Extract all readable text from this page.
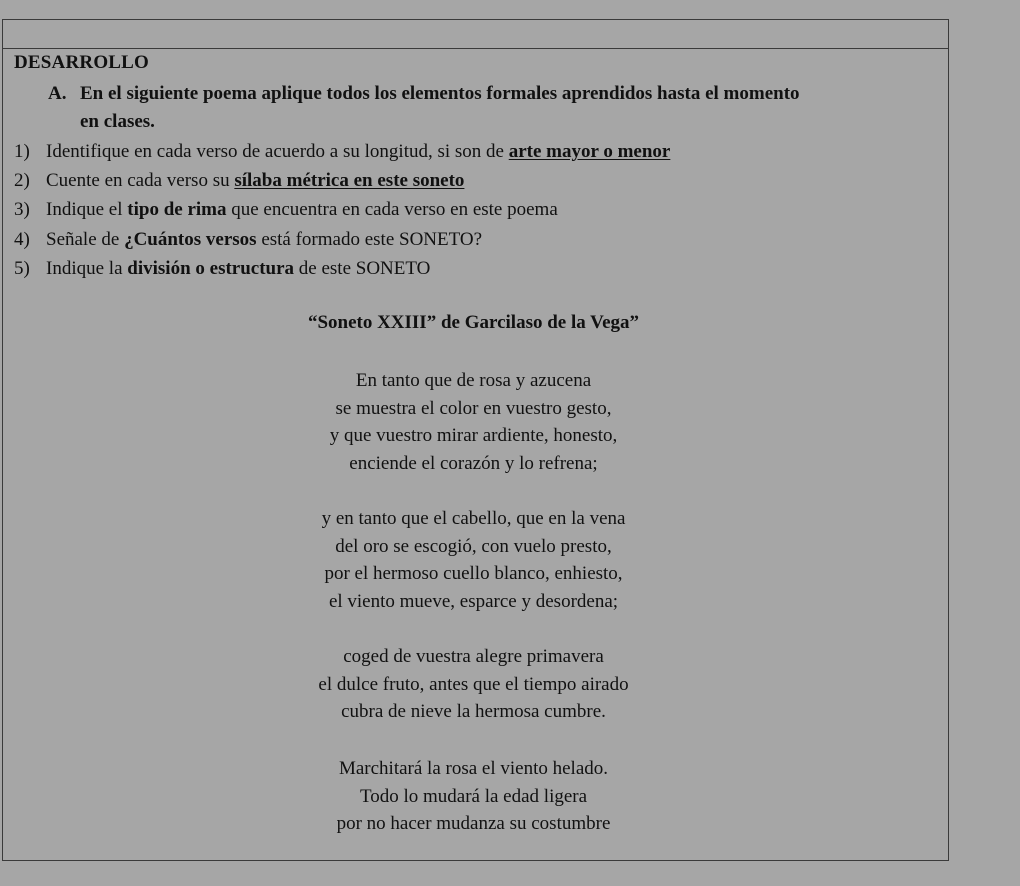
DESARROLLO
A. En el siguiente poema aplique todos los elementos formales aprendidos hasta el momento
en clases.
1) Identifique en cada verso de acuerdo a su longitud, si son de arte mayor o menor
2) Cuente en cada verso su sílaba métrica en este soneto
3) Indique el tipo de rima que encuentra en cada verso en este poema
4) Señale de ¿Cuántos versos está formado este SONETO?
5) Indique la división o estructura de este SONETO
“Soneto XXIII” de Garcilaso de la Vega”
En tanto que de rosa y azucena
se muestra el color en vuestro gesto,
y que vuestro mirar ardiente, honesto,
enciende el corazón y lo refrena;
y en tanto que el cabello, que en la vena
del oro se escogió, con vuelo presto,
por el hermoso cuello blanco, enhiesto,
el viento mueve, esparce y desordena;
coged de vuestra alegre primavera
el dulce fruto, antes que el tiempo airado
cubra de nieve la hermosa cumbre.
Marchitará la rosa el viento helado.
Todo lo mudará la edad ligera
por no hacer mudanza su costumbre
